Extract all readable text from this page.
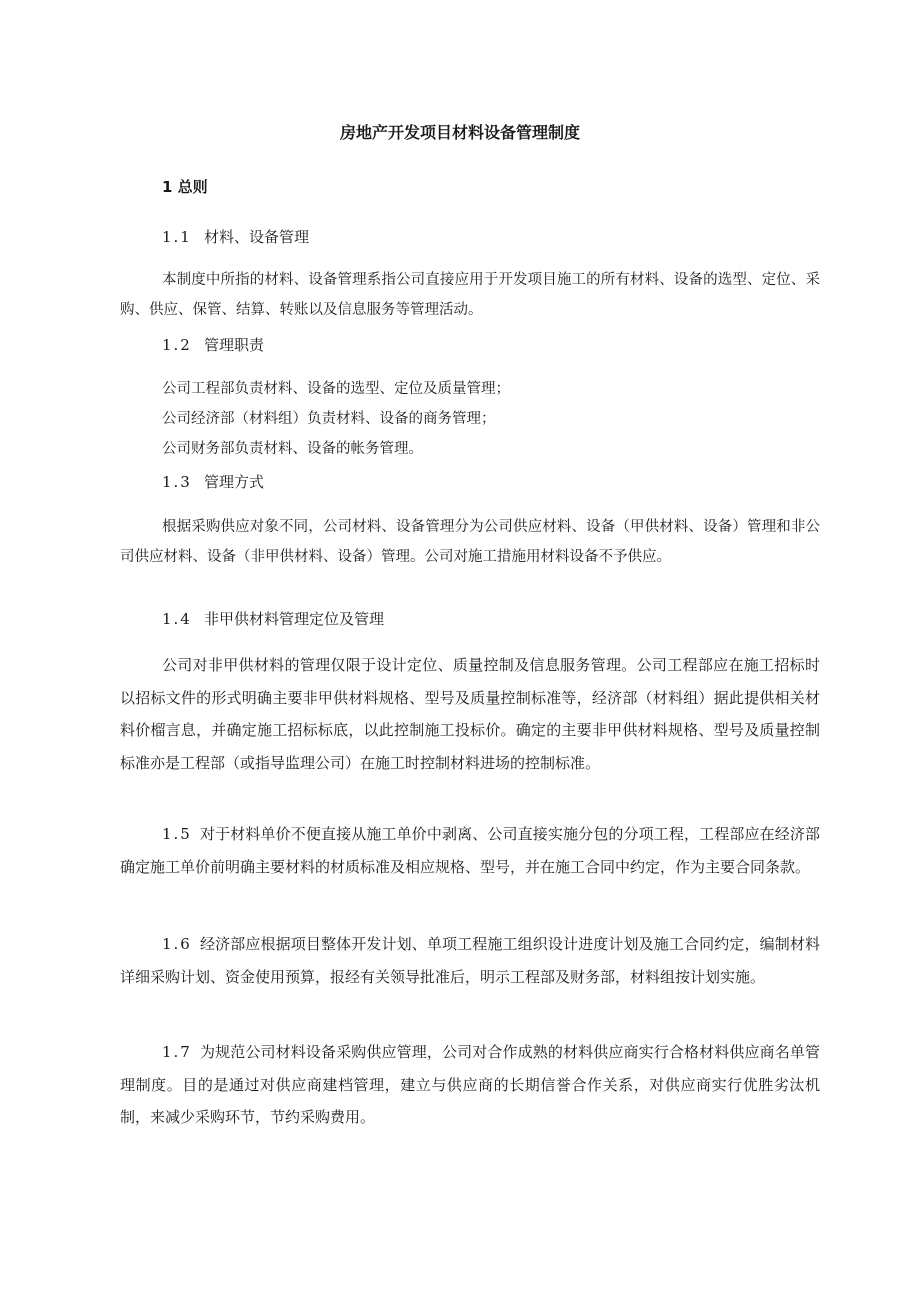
房地产开发项目材料设备管理制度
1 总则
1.1 材料、设备管理

本制度中所指的材料、设备管理系指公司直接应用于开发项目施工的所有材料、设备的选型、定位、采购、供应、保管、结算、转账以及信息服务等管理活动。

1.2 管理职责

公司工程部负责材料、设备的选型、定位及质量管理；

公司经济部（材料组）负责材料、设备的商务管理；

公司财务部负责材料、设备的帐务管理。

1.3 管理方式

根据采购供应对象不同，公司材料、设备管理分为公司供应材料、设备（甲供材料、设备）管理和非公司供应材料、设备（非甲供材料、设备）管理。公司对施工措施用材料设备不予供应。

1.4 非甲供材料管理定位及管理

公司对非甲供材料的管理仅限于设计定位、质量控制及信息服务管理。公司工程部应在施工招标时以招标文件的形式明确主要非甲供材料规格、型号及质量控制标准等，经济部（材料组）据此提供相关材料价榴言息，并确定施工招标标底，以此控制施工投标价。确定的主要非甲供材料规格、型号及质量控制标准亦是工程部（或指导监理公司）在施工时控制材料进场的控制标准。

1.5 对于材料单价不便直接从施工单价中剥离、公司直接实施分包的分项工程，工程部应在经济部确定施工单价前明确主要材料的材质标准及相应规格、型号，并在施工合同中约定，作为主要合同条款。

1.6 经济部应根据项目整体开发计划、单项工程施工组织设计进度计划及施工合同约定，编制材料详细采购计划、资金使用预算，报经有关领导批准后，明示工程部及财务部，材料组按计划实施。

1.7 为规范公司材料设备采购供应管理，公司对合作成熟的材料供应商实行合格材料供应商名单管理制度。目的是通过对供应商建档管理，建立与供应商的长期信誉合作关系，对供应商实行优胜劣汰机制，来减少采购环节，节约采购费用。
